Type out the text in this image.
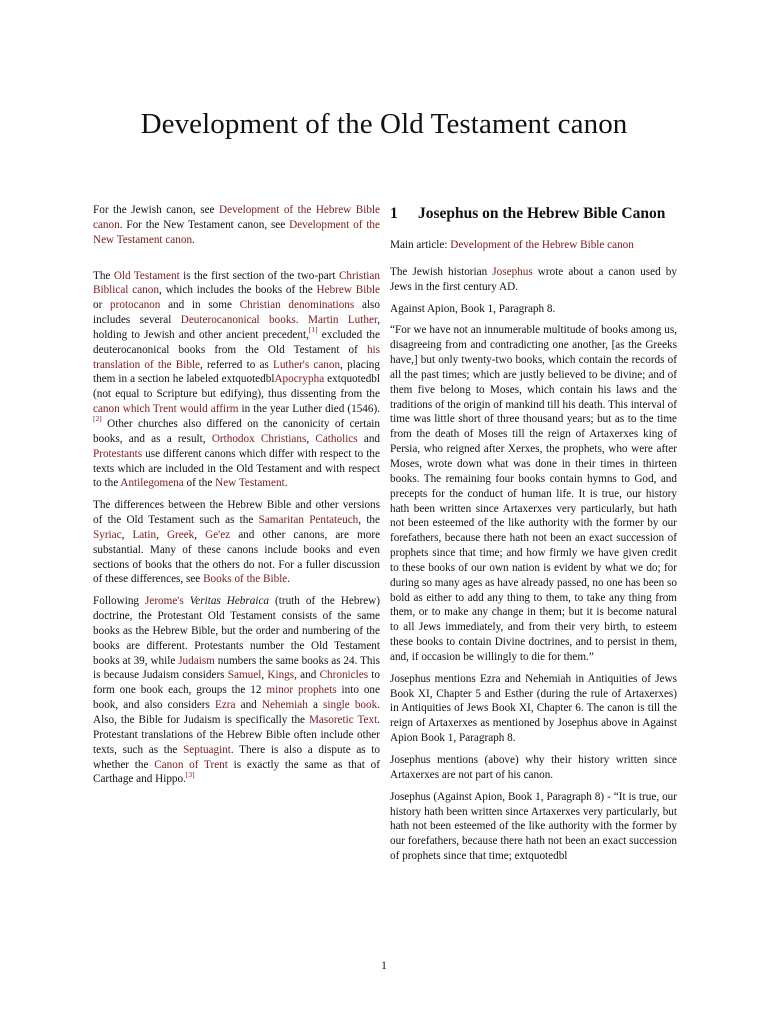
Development of the Old Testament canon

For the Jewish canon, see Development of the Hebrew Bible canon. For the New Testament canon, see Development of the New Testament canon.

The Old Testament is the first section of the two-part Christian Biblical canon, which includes the books of the Hebrew Bible or protocanon and in some Christian denominations also includes several Deuterocanonical books. Martin Luther, holding to Jewish and other ancient precedent,[1] excluded the deuterocanonical books from the Old Testament of his translation of the Bible, referred to as Luther's canon, placing them in a section he labeled extquotedblApocrypha extquotedbl (not equal to Scripture but edifying), thus dissenting from the canon which Trent would affirm in the year Luther died (1546).[2] Other churches also differed on the canonicity of certain books, and as a result, Orthodox Christians, Catholics and Protestants use different canons which differ with respect to the texts which are included in the Old Testament and with respect to the Antilegomena of the New Testament.

The differences between the Hebrew Bible and other versions of the Old Testament such as the Samaritan Pentateuch, the Syriac, Latin, Greek, Ge'ez and other canons, are more substantial. Many of these canons include books and even sections of books that the others do not. For a fuller discussion of these differences, see Books of the Bible.

Following Jerome's Veritas Hebraica (truth of the Hebrew) doctrine, the Protestant Old Testament consists of the same books as the Hebrew Bible, but the order and numbering of the books are different. Protestants number the Old Testament books at 39, while Judaism numbers the same books as 24. This is because Judaism considers Samuel, Kings, and Chronicles to form one book each, groups the 12 minor prophets into one book, and also considers Ezra and Nehemiah a single book. Also, the Bible for Judaism is specifically the Masoretic Text. Protestant translations of the Hebrew Bible often include other texts, such as the Septuagint. There is also a dispute as to whether the Canon of Trent is exactly the same as that of Carthage and Hippo.[3]

1	Josephus on the Hebrew Bible Canon

Main article: Development of the Hebrew Bible canon

The Jewish historian Josephus wrote about a canon used by Jews in the first century AD.

Against Apion, Book 1, Paragraph 8.

“For we have not an innumerable multitude of books among us, disagreeing from and contradicting one another, [as the Greeks have,] but only twenty-two books, which contain the records of all the past times; which are justly believed to be divine; and of them five belong to Moses, which contain his laws and the traditions of the origin of mankind till his death. This interval of time was little short of three thousand years; but as to the time from the death of Moses till the reign of Artaxerxes king of Persia, who reigned after Xerxes, the prophets, who were after Moses, wrote down what was done in their times in thirteen books. The remaining four books contain hymns to God, and precepts for the conduct of human life. It is true, our history hath been written since Artaxerxes very particularly, but hath not been esteemed of the like authority with the former by our forefathers, because there hath not been an exact succession of prophets since that time; and how firmly we have given credit to these books of our own nation is evident by what we do; for during so many ages as have already passed, no one has been so bold as either to add any thing to them, to take any thing from them, or to make any change in them; but it is become natural to all Jews immediately, and from their very birth, to esteem these books to contain Divine doctrines, and to persist in them, and, if occasion be willingly to die for them.”

Josephus mentions Ezra and Nehemiah in Antiquities of Jews Book XI, Chapter 5 and Esther (during the rule of Artaxerxes) in Antiquities of Jews Book XI, Chapter 6. The canon is till the reign of Artaxerxes as mentioned by Josephus above in Against Apion Book 1, Paragraph 8.

Josephus mentions (above) why their history written since Artaxerxes are not part of his canon.

Josephus (Against Apion, Book 1, Paragraph 8) - “It is true, our history hath been written since Artaxerxes very particularly, but hath not been esteemed of the like authority with the former by our forefathers, because there hath not been an exact succession of prophets since that time; extquotedbl

1
